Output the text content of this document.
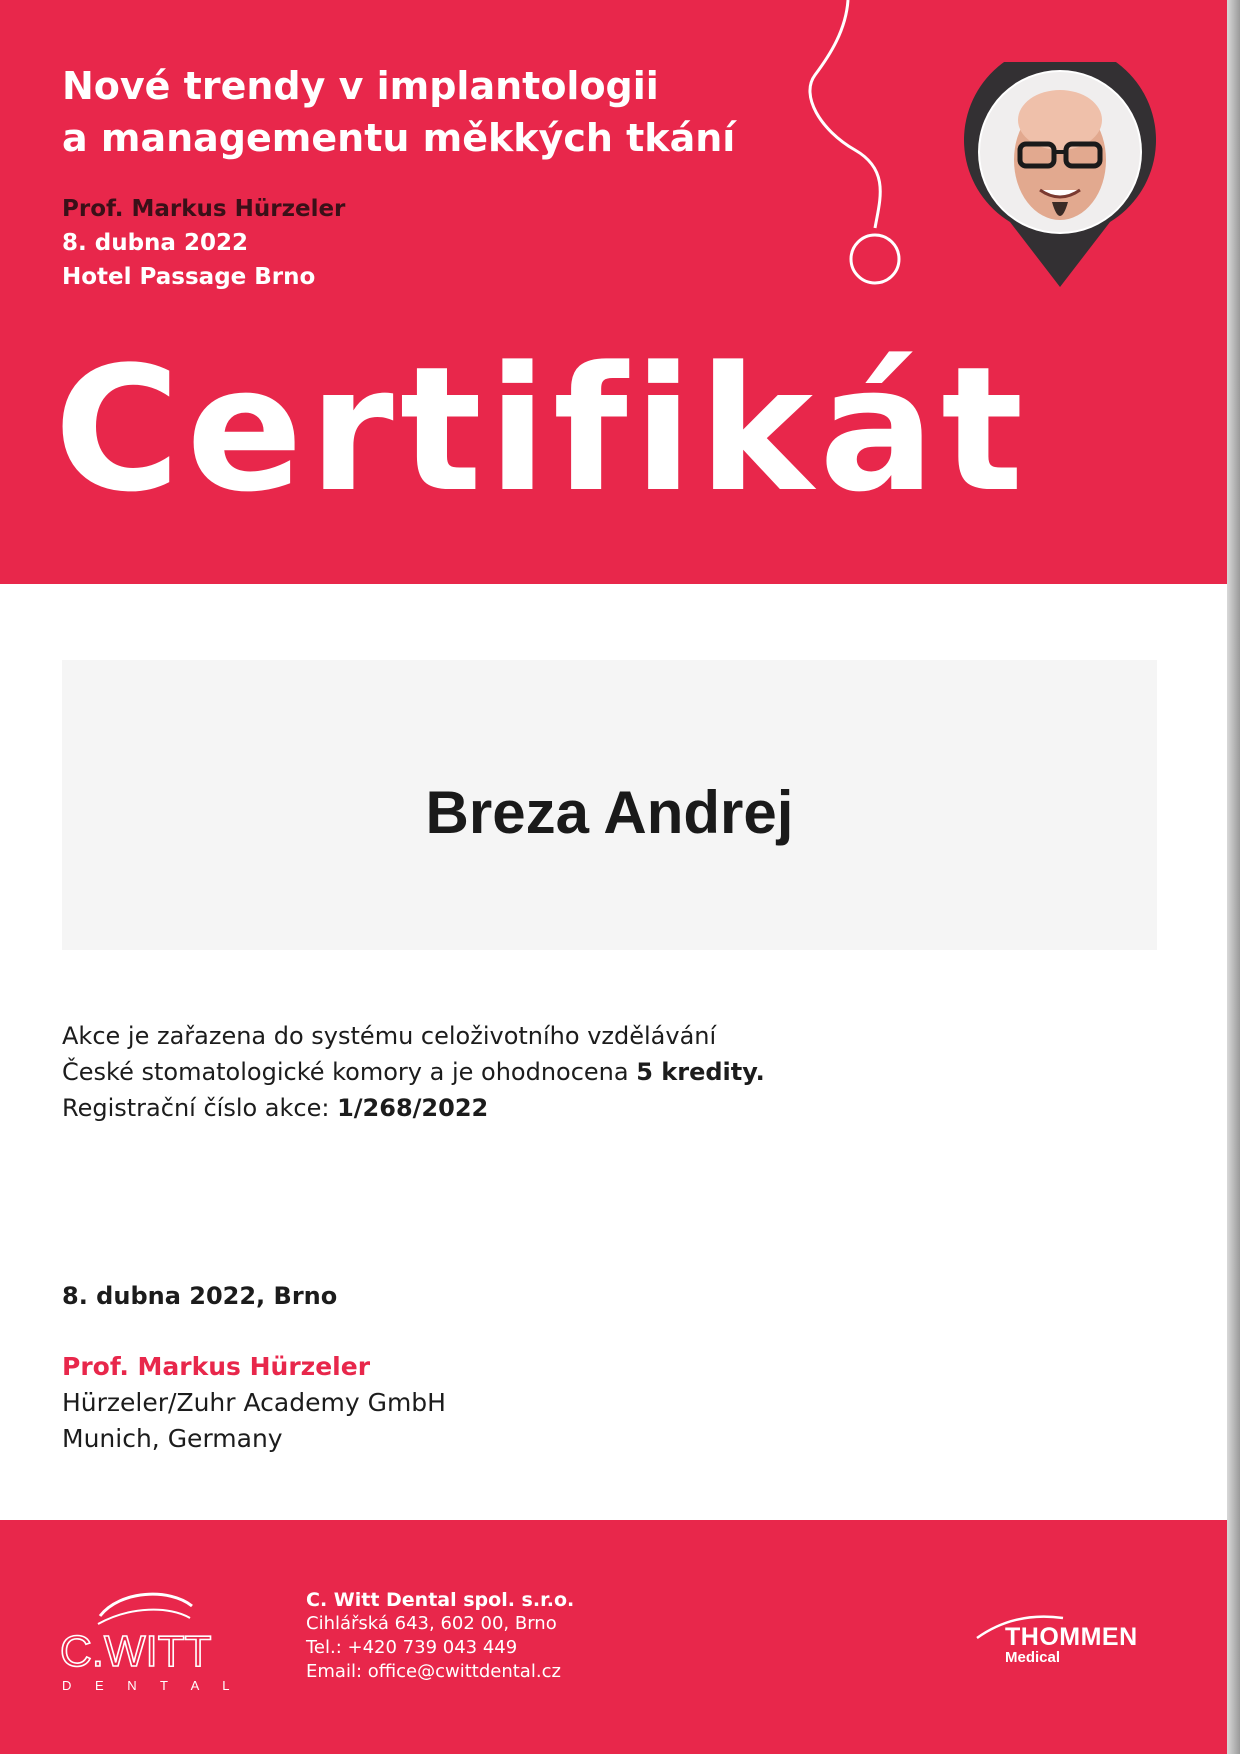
Nové trendy v implantologii
a managementu měkkých tkání
Prof. Markus Hürzeler
8. dubna 2022
Hotel Passage Brno
Certifikát
Breza Andrej
Akce je zařazena do systému celoživotního vzdělávání
České stomatologické komory a je ohodnocena 5 kredity.
Registrační číslo akce: 1/268/2022
8. dubna 2022, Brno
Prof. Markus Hürzeler
Hürzeler/Zuhr Academy GmbH
Munich, Germany
C.WITT
D E N T A L
C. Witt Dental spol. s.r.o.
Cihlářská 643, 602 00, Brno
Tel.: +420 739 043 449
Email: office@cwittdental.cz
THOMMEN
Medical
